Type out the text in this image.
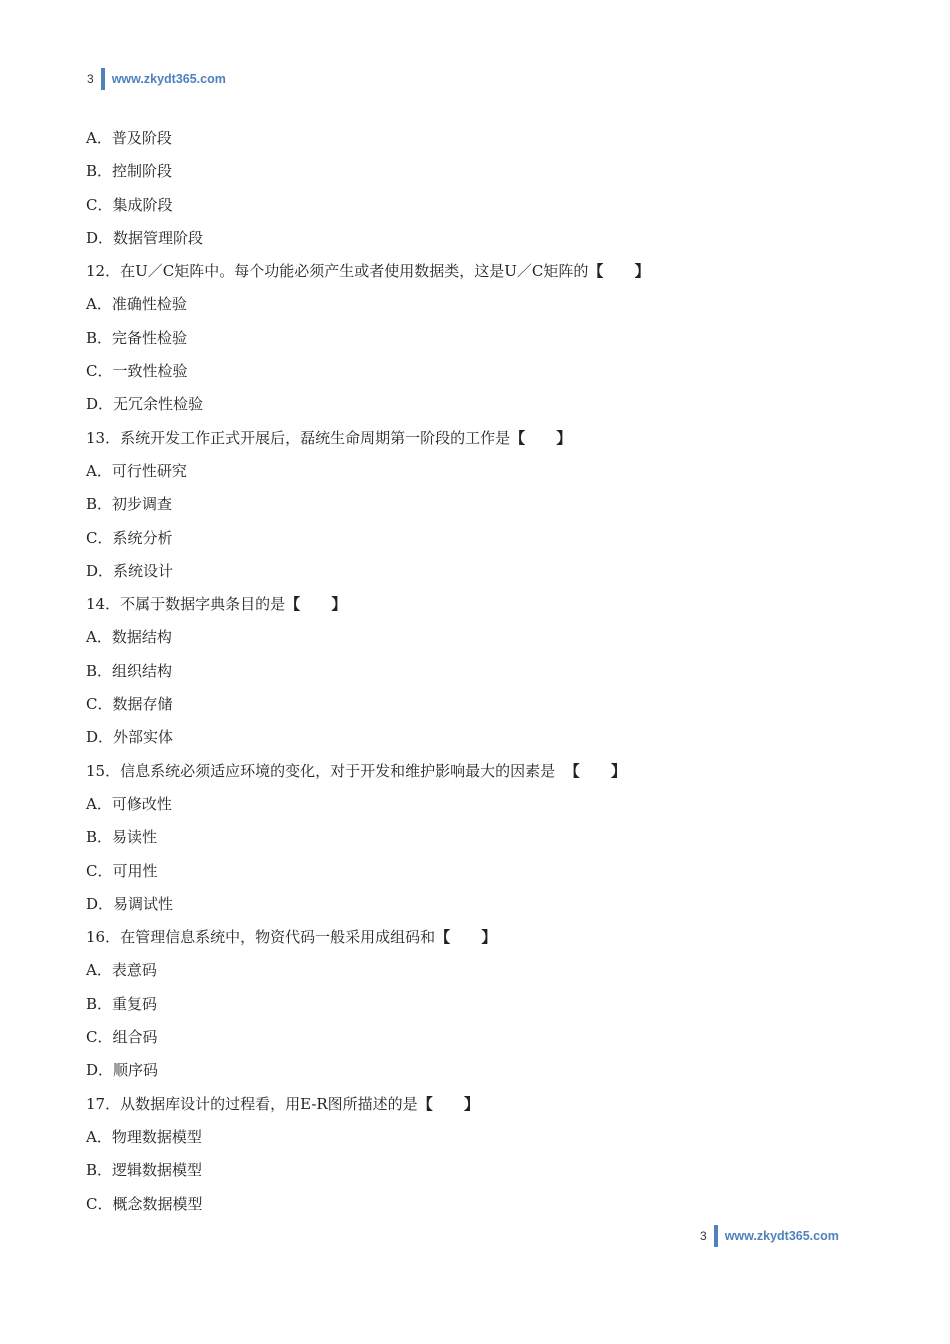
3 www.zkydt365.com
A．普及阶段
B．控制阶段
C．集成阶段
D．数据管理阶段
12．在U／C矩阵中。每个功能必须产生或者使用数据类，这是U／C矩阵的【      】
A．准确性检验
B．完备性检验
C．一致性检验
D．无冗余性检验
13．系统开发工作正式开展后，磊统生命周期第一阶段的工作是【      】
A．可行性研究
B．初步调查
C．系统分析
D．系统设计
14．不属于数据字典条目的是【      】
A．数据结构
B．组织结构
C．数据存储
D．外部实体
15．信息系统必须适应环境的变化，对于开发和维护影响最大的因素是  【      】
A．可修改性
B．易读性
C．可用性
D．易调试性
16．在管理信息系统中，物资代码一般采用成组码和【      】
A．表意码
B．重复码
C．组合码
D．顺序码
17．从数据库设计的过程看，用E-R图所描述的是【      】
A．物理数据模型
B．逻辑数据模型
C．概念数据模型
3 www.zkydt365.com
